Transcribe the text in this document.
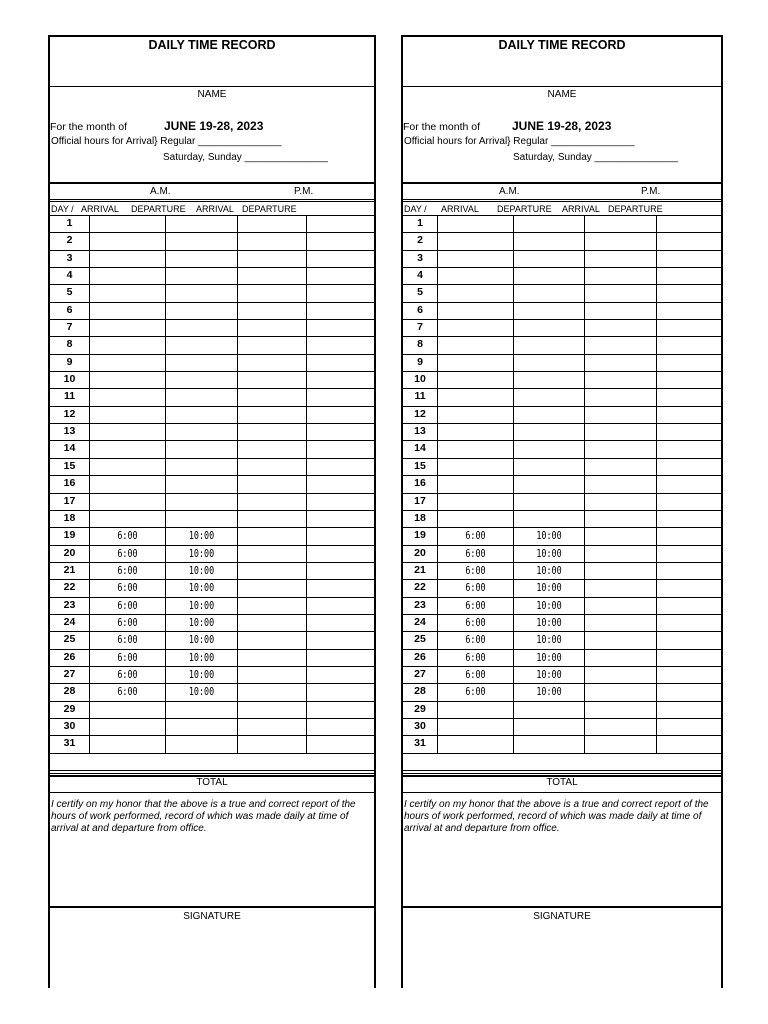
DAILY TIME RECORD
NAME
For the month of	JUNE 19-28, 2023
Official hours for Arrival} Regular _______________
Saturday, Sunday _______________
A.M.	P.M.
DAY / ARRIVAL DEPARTURE ARRIVAL DEPARTURE
1
2
3
4
5
6
7
8
9
10
11
12
13
14
15
16
17
18
19	6:00	10:00
20	6:00	10:00
21	6:00	10:00
22	6:00	10:00
23	6:00	10:00
24	6:00	10:00
25	6:00	10:00
26	6:00	10:00
27	6:00	10:00
28	6:00	10:00
29
30
31
TOTAL
I certify on my honor that the above is a true and correct report of the hours of work performed, record of which was made daily at time of arrival at and departure from office.
SIGNATURE
DAILY TIME RECORD
NAME
For the month of	JUNE 19-28, 2023
Official hours for Arrival} Regular _______________
Saturday, Sunday _______________
A.M.	P.M.
DAY / ARRIVAL DEPARTURE ARRIVAL DEPARTURE
1
2
3
4
5
6
7
8
9
10
11
12
13
14
15
16
17
18
19	6:00	10:00
20	6:00	10:00
21	6:00	10:00
22	6:00	10:00
23	6:00	10:00
24	6:00	10:00
25	6:00	10:00
26	6:00	10:00
27	6:00	10:00
28	6:00	10:00
29
30
31
TOTAL
I certify on my honor that the above is a true and correct report of the hours of work performed, record of which was made daily at time of arrival at and departure from office.
SIGNATURE
